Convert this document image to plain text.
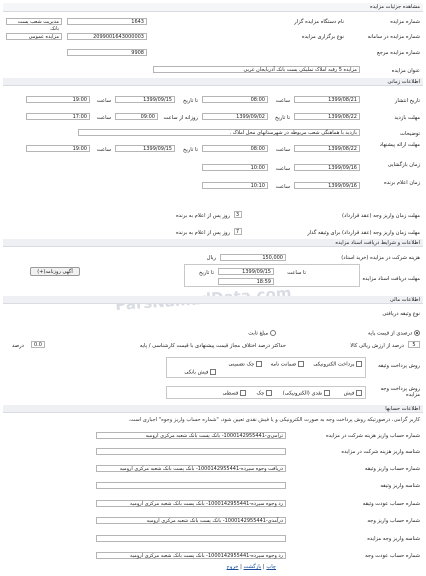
مشاهده جزئیات مزایده
شماره مزایده
1643	نام دستگاه مزایده گزار
مدیریت شعب پست بانک
شماره مزایده در سامانه
2099001643000003	نوع برگزاری مزایده
مزایده عمومی
شماره مزایده مرجع
9908
عنوان مزایده
مزایده 5 رقبه املاک تملیکی پست بانک آذربایجان غربی
اطلاعات زمانی
تاریخ انتشار
1399/08/21
ساعت
08:00
تا تاریخ
1399/09/15
ساعت
19:00
مهلت بازدید
1399/08/22
تا تاریخ
1399/09/02
روزانه از ساعت
09:00
ساعت
17:00
توضیحات
بازدید با هماهنگی شعب مربوطه در شهرستانهای محل املاک .
مهلت ارائه پیشنهاد
1399/08/22
ساعت
08:00
تا تاریخ
1399/09/15
ساعت
19:00
زمان بازگشایی
1399/09/16
ساعت
10:00
زمان اعلام برنده
1399/09/16
ساعت
10:10
مهلت زمان واریز وجه (عقد قرارداد)
3
روز پس از اعلام به برنده
مهلت زمان واریز وجه (عقد قرارداد) برای وثیقه گذار
7
روز پس از اعلام به برنده
اطلاعات و شرایط دریافت اسناد مزایده
هزینه شرکت در مزایده (خرید اسناد)
150,000
ریال
مهلت دریافت اسناد مزایده
تا تاریخ	1399/09/15	تا ساعت
18:59
آگهی روزنامه(+)
اطلاعات مالی
نوع وثیقه دریافتی
درصدی از قیمت پایه
مبلغ ثابت
5
درصد از ارزش ریالی کالا
حداکثر درصد اختلاف مجاز قیمت پیشنهادی با قیمت کارشناسی / پایه
0.0
درصد
روش پرداخت وثیقه
پرداخت الکترونیکی
ضمانت نامه
چک تضمینی
فیش بانکی
روش پرداخت وجه مزایده
فیش
نقدی (الکترونیکی)
چک
قسطی
اطلاعات حسابها
کاربر گرامی، درصورتیکه روش پرداخت وجه به صورت الکترونیکی و یا فیش نقدی تعیین شود، "شماره حساب واریز وجوه" اجباری است.
شماره حساب واریز هزینه شرکت در مزایده
ترامی‌ی-1000142955441- بانک پست بانک شعبه مرکزی ارومیه
شناسه واریز هزینه شرکت در مزایده
شماره حساب واریز وثیقه
دریافت وجوه سپرده-1000142955441- بانک پست بانک شعبه مرکزی ارومیه
شناسه واریز وثیقه
شماره حساب عودت وثیقه
رد وجوه سپرده-1000142955441- بانک پست بانک شعبه مرکزی ارومیه
شماره حساب واریز وجه
درآمدی-1000142955441- بانک پست بانک شعبه مرکزی ارومیه
شناسه واریز وجه مزایده
شماره حساب عودت وجه
رد وجوه سپرده-1000142955441- بانک پست بانک شعبه مرکزی ارومیه
چاپ | بازگشت | خروج
